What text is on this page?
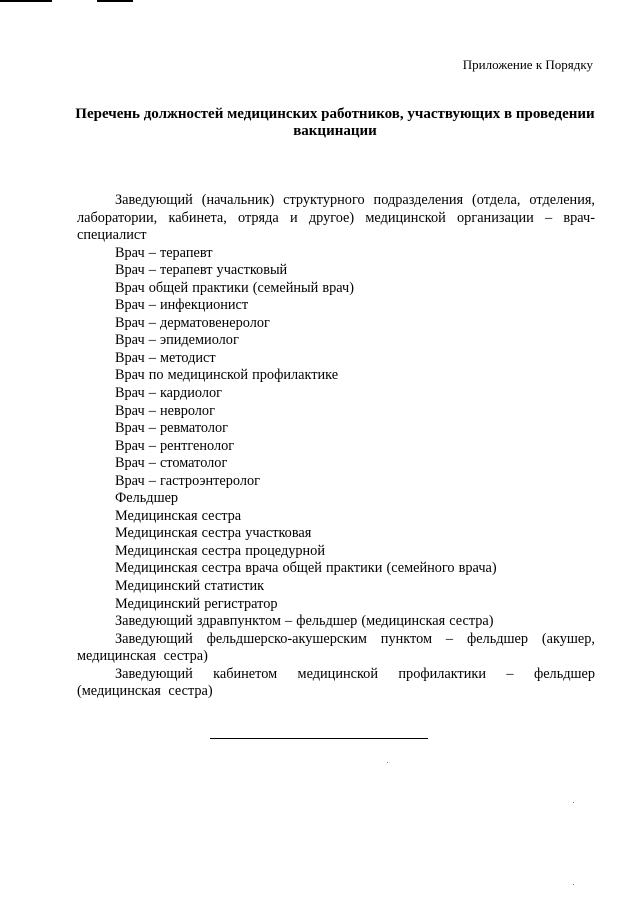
Приложение к Порядку
Перечень должностей медицинских работников, участвующих в проведении вакцинации
Заведующий (начальник) структурного подразделения (отдела, отделения, лаборатории, кабинета, отряда и другое) медицинской организации – врач-специалист
Врач – терапевт
Врач – терапевт участковый
Врач общей практики (семейный врач)
Врач – инфекционист
Врач – дерматовенеролог
Врач – эпидемиолог
Врач – методист
Врач по медицинской профилактике
Врач – кардиолог
Врач – невролог
Врач – ревматолог
Врач – рентгенолог
Врач – стоматолог
Врач – гастроэнтеролог
Фельдшер
Медицинская сестра
Медицинская сестра участковая
Медицинская сестра процедурной
Медицинская сестра врача общей практики (семейного врача)
Медицинский статистик
Медицинский регистратор
Заведующий здравпунктом – фельдшер (медицинская сестра)
Заведующий фельдшерско-акушерским пунктом – фельдшер (акушер, медицинская сестра)
Заведующий кабинетом медицинской профилактики – фельдшер (медицинская сестра)
